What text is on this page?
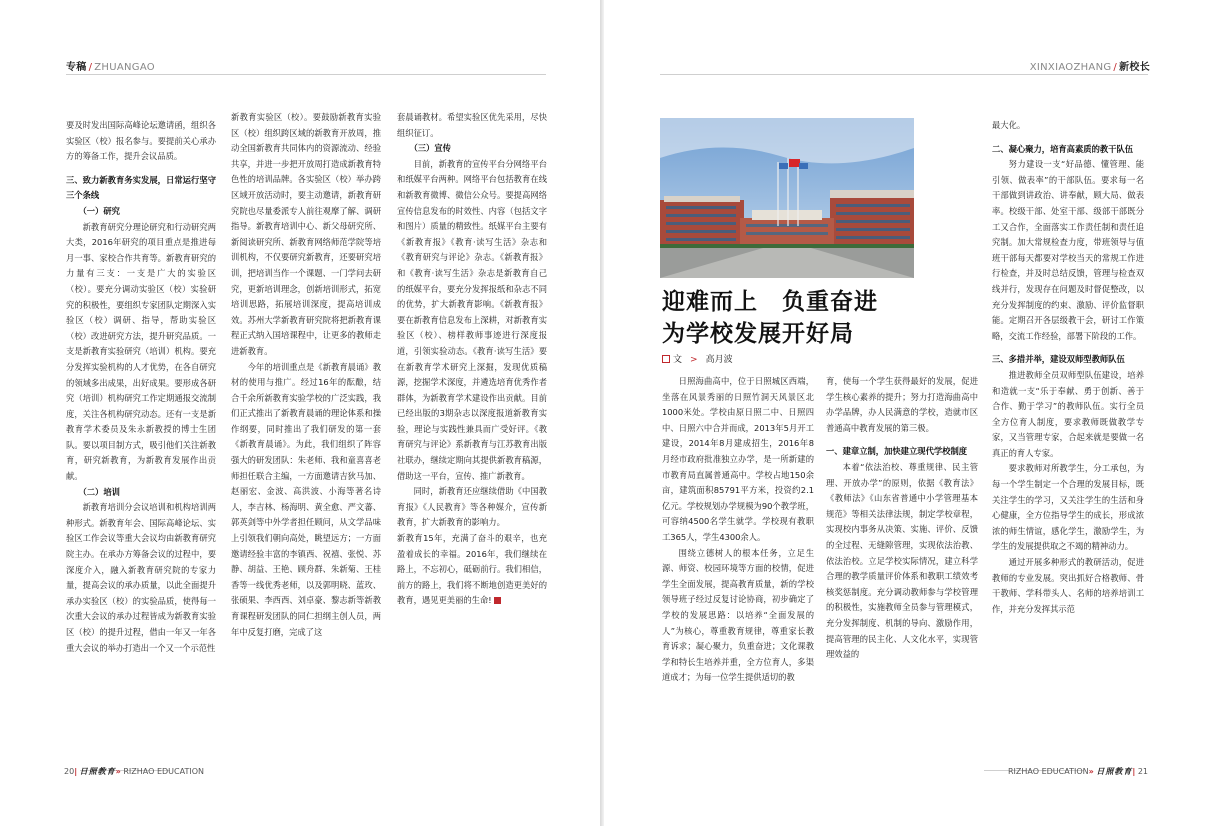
专稿 / ZHUANGAO

要及时发出国际高峰论坛邀请函，组织各实验区（校）报名参与。要提前关心承办方的筹备工作，提升会议品质。

三、致力新教育务实发展，日常运行坚守三个条线
（一）研究

新教育研究分理论研究和行动研究两大类，2016年研究的项目重点是推进每月一事、家校合作共育等。新教育研究的力量有三支：一支是广大的实验区（校）。要充分调动实验区（校）实验研究的积极性，要组织专家团队定期深入实验区（校）调研、指导，帮助实验区（校）改进研究方法，提升研究品质。一支是新教育实验研究（培训）机构。要充分发挥实验机构的人才优势，在各自研究的领域多出成果，出好成果。要形成各研究（培训）机构研究工作定期通报交流制度，关注各机构研究动态。还有一支是新教育学术委员及朱永新教授的博士生团队。要以项目制方式，吸引他们关注新教育，研究新教育，为新教育发展作出贡献。

（二）培训

新教育培训分会议培训和机构培训两种形式。新教育年会、国际高峰论坛、实验区工作会议等重大会议均由新教育研究院主办。在承办方筹备会议的过程中，要深度介入，融入新教育研究院的专家力量，提高会议的承办质量，以此全面提升承办实验区（校）的实验品质，使得每一次重大会议的承办过程皆成为新教育实验区（校）的提升过程，借由一年又一年各重大会议的举办打造出一个又一个示范性

新教育实验区（校）。要鼓励新教育实验区（校）组织跨区域的新教育开放周，推动全国新教育共同体内的资源流动、经验共享，并进一步把开放周打造成新教育特色性的培训品牌。各实验区（校）举办跨区域开放活动时，要主动邀请，新教育研究院也尽量委派专人前往观摩了解、调研指导。新教育培训中心、新父母研究所、新阅读研究所、新教育网络师范学院等培训机构，不仅要研究新教育，还要研究培训，把培训当作一个课题、一门学问去研究，更新培训理念，创新培训形式，拓宽培训思路，拓展培训深度，提高培训成效。苏州大学新教育研究院将把新教育课程正式纳入国培课程中，让更多的教师走进新教育。

今年的培训重点是《新教育晨诵》教材的使用与推广。经过16年的酝酿，结合千余所新教育实验学校的广泛实践，我们正式推出了新教育晨诵的理论体系和操作纲要，同时推出了我们研发的第一套《新教育晨诵》。为此，我们组织了阵容强大的研发团队：朱老师、我和童喜喜老师担任联合主编，一方面邀请吉狄马加、赵丽宏、金波、高洪波、小海等著名诗人，李吉林、杨海明、黄全愈、严文蕃、郭英剑等中外学者担任顾问，从文学品味上引领我们朝向高处，眺望远方；一方面邀请经验丰富的李镇西、祝禧、张悦、苏静、胡益、王艳、顾舟群、朱新菊、王桂香等一线优秀老师，以及郭明晓、蓝玫、张硕果、李西西、刘卓豪、黎志新等新教育课程研发团队的同仁担纲主创人员，两年中反复打磨，完成了这

套晨诵教材。希望实验区优先采用，尽快组织征订。

（三）宣传

目前，新教育的宣传平台分网络平台和纸媒平台两种。网络平台包括教育在线和新教育微博、微信公众号。要提高网络宣传信息发布的时效性、内容（包括文字和图片）质量的精致性。纸媒平台主要有《新教育报》《教育·读写生活》杂志和《教育研究与评论》杂志。《新教育报》和《教育·读写生活》杂志是新教育自己的纸媒平台，要充分发挥报纸和杂志不同的优势，扩大新教育影响。《新教育报》要在新教育信息发布上深耕，对新教育实验区（校）、榜样教师事迹进行深度报道，引领实验动态。《教育·读写生活》要在新教育学术研究上深掘，发现优质稿源，挖掘学术深度，并遴选培育优秀作者群体，为新教育学术建设作出贡献。目前已经出版的3期杂志以深度报道新教育实验，理论与实践性兼具而广受好评。《教育研究与评论》系新教育与江苏教育出版社联办，继续定期向其提供新教育稿源，借助这一平台，宣传、推广新教育。

同时，新教育还应继续借助《中国教育报》《人民教育》等各种媒介，宣传新教育，扩大新教育的影响力。

新教育15年，充满了奋斗的艰辛，也充盈着成长的幸福。2016年，我们继续在路上，不忘初心，砥砺前行。我们相信，前方的路上，我们将不断地创造更美好的教育，遇见更美丽的生命!

20| 日照教育» RIZHAO EDUCATION
XINXIAOZHANG / 新校长
迎难而上　负重奋进
为学校发展开好局
文 > 高月波

日照海曲高中，位于日照城区西端，坐落在风景秀丽的日照竹洞天风景区北1000米处。学校由原日照二中、日照四中、日照六中合并而成，2013年5月开工建设，2014年8月建成招生，2016年8月经市政府批准独立办学，是一所新建的市教育局直属普通高中。学校占地150余亩，建筑面积85791平方米，投资约2.1亿元。学校规划办学规模为90个教学班，可容纳4500名学生就学。学校现有教职工365人，学生4300余人。

围绕立德树人的根本任务，立足生源、师资、校园环境等方面的校情，促进学生全面发展，提高教育质量，新的学校领导班子经过反复讨论协商，初步确定了学校的发展思路：以培养“全面发展的人”为核心，尊重教育规律，尊重家长教育诉求；凝心聚力，负重奋进；文化课教学和特长生培养并重，全方位育人，多渠道成才；为每一位学生提供适切的教

育，使每一个学生获得最好的发展，促进学生核心素养的提升；努力打造海曲高中办学品牌，办人民满意的学校，造就市区普通高中教育发展的第三极。

一、建章立制，加快建立现代学校制度

本着“依法治校、尊重规律、民主管理、开放办学”的原则，依据《教育法》《教师法》《山东省普通中小学管理基本规范》等相关法律法规，制定学校章程，实现校内事务从决策、实施、评价、反馈的全过程、无缝隙管理，实现依法治教、依法治校。立足学校实际情况，建立科学合理的教学质量评价体系和教职工绩效考核奖惩制度。充分调动教师参与学校管理的积极性，实施教师全员参与管理模式，充分发挥制度、机制的导向、激励作用，提高管理的民主化、人文化水平，实现管理效益的

最大化。

二、凝心聚力，培育高素质的教干队伍

努力建设一支“好品德、懂管理、能引领、做表率”的干部队伍。要求每一名干部做到讲政治、讲奉献，顾大局、做表率。校级干部、处室干部、级部干部既分工又合作，全面落实工作责任制和责任追究制。加大常规检查力度，带班领导与值班干部每天都要对学校当天的常规工作进行检查，并及时总结反馈，管理与检查双线并行，发现存在问题及时督促整改，以充分发挥制度的约束、激励、评价监督职能。定期召开各层级教干会，研讨工作策略，交流工作经验，部署下阶段的工作。

三、多措并举，建设双师型教师队伍

推进教师全员双师型队伍建设，培养和造就一支“乐于奉献、勇于创新、善于合作、勤于学习”的教师队伍。实行全员全方位育人制度，要求教师既做教学专家，又当管理专家，合起来就是要做一名真正的育人专家。

要求教师对所教学生，分工承包，为每一个学生制定一个合理的发展目标，既关注学生的学习，又关注学生的生活和身心健康，全方位指导学生的成长，形成浓浓的师生情谊，感化学生，激励学生，为学生的发展提供取之不竭的精神动力。

通过开展多种形式的教研活动，促进教师的专业发展。突出抓好合格教师、骨干教师、学科带头人、名师的培养培训工作，并充分发挥其示范

RIZHAO EDUCATION» 日照教育| 21
